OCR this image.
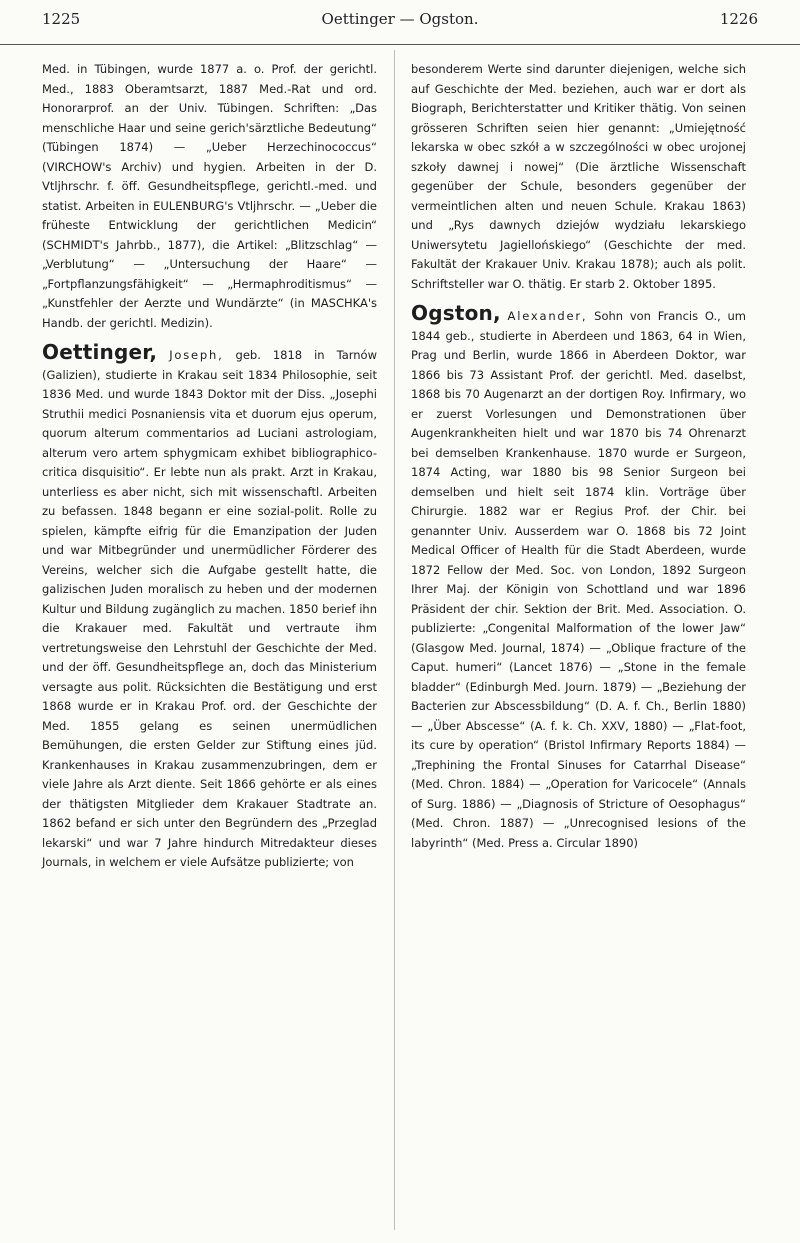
1225	Oettinger — Ogston.	1226

Med. in Tübingen, wurde 1877 a. o. Prof. der gerichtl. Med., 1883 Oberamtsarzt, 1887 Med.-Rat und ord. Honorarprof. an der Univ. Tübingen. Schriften: „Das menschliche Haar und seine gerich'särztliche Bedeutung“ (Tübingen 1874) — „Ueber Herzechinococcus“ (VIRCHOW's Archiv) und hygien. Arbeiten in der D. Vtljhrschr. f. öff. Gesundheitspflege, gerichtl.-med. und statist. Arbeiten in EULENBURG's Vtljhrschr. — „Ueber die früheste Entwicklung der gerichtlichen Medicin“ (SCHMIDT's Jahrbb., 1877), die Artikel: „Blitzschlag“ — „Verblutung“ — „Untersuchung der Haare“ — „Fortpflanzungsfähigkeit“ — „Hermaphroditismus“ — „Kunstfehler der Aerzte und Wundärzte“ (in MASCHKA's Handb. der gerichtl. Medizin).

Oettinger, Joseph, geb. 1818 in Tarnów (Galizien), studierte in Krakau seit 1834 Philosophie, seit 1836 Med. und wurde 1843 Doktor mit der Diss. „Josephi Struthii medici Posnaniensis vita et duorum ejus operum, quorum alterum commentarios ad Luciani astrologiam, alterum vero artem sphygmicam exhibet bibliographico-critica disquisitio“. Er lebte nun als prakt. Arzt in Krakau, unterliess es aber nicht, sich mit wissenschaftl. Arbeiten zu befassen. 1848 begann er eine sozial-polit. Rolle zu spielen, kämpfte eifrig für die Emanzipation der Juden und war Mitbegründer und unermüdlicher Förderer des Vereins, welcher sich die Aufgabe gestellt hatte, die galizischen Juden moralisch zu heben und der modernen Kultur und Bildung zugänglich zu machen. 1850 berief ihn die Krakauer med. Fakultät und vertraute ihm vertretungsweise den Lehrstuhl der Geschichte der Med. und der öff. Gesundheitspflege an, doch das Ministerium versagte aus polit. Rücksichten die Bestätigung und erst 1868 wurde er in Krakau Prof. ord. der Geschichte der Med. 1855 gelang es seinen unermüdlichen Bemühungen, die ersten Gelder zur Stiftung eines jüd. Krankenhauses in Krakau zusammenzubringen, dem er viele Jahre als Arzt diente. Seit 1866 gehörte er als eines der thätigsten Mitglieder dem Krakauer Stadtrate an. 1862 befand er sich unter den Begründern des „Przeglad lekarski“ und war 7 Jahre hindurch Mitredakteur dieses Journals, in welchem er viele Aufsätze publizierte; von

besonderem Werte sind darunter diejenigen, welche sich auf Geschichte der Med. beziehen, auch war er dort als Biograph, Berichterstatter und Kritiker thätig. Von seinen grösseren Schriften seien hier genannt: „Umiejętność lekarska w obec szkół a w szczególności w obec urojonej szkoły dawnej i nowej“ (Die ärztliche Wissenschaft gegenüber der Schule, besonders gegenüber der vermeintlichen alten und neuen Schule. Krakau 1863) und „Rys dawnych dziejów wydziału lekarskiego Uniwersytetu Jagiellońskiego“ (Geschichte der med. Fakultät der Krakauer Univ. Krakau 1878); auch als polit. Schriftsteller war O. thätig. Er starb 2. Oktober 1895.

Ogston, Alexander, Sohn von Francis O., um 1844 geb., studierte in Aberdeen und 1863, 64 in Wien, Prag und Berlin, wurde 1866 in Aberdeen Doktor, war 1866 bis 73 Assistant Prof. der gerichtl. Med. daselbst, 1868 bis 70 Augenarzt an der dortigen Roy. Infirmary, wo er zuerst Vorlesungen und Demonstrationen über Augenkrankheiten hielt und war 1870 bis 74 Ohrenarzt bei demselben Krankenhause. 1870 wurde er Surgeon, 1874 Acting, war 1880 bis 98 Senior Surgeon bei demselben und hielt seit 1874 klin. Vorträge über Chirurgie. 1882 war er Regius Prof. der Chir. bei genannter Univ. Ausserdem war O. 1868 bis 72 Joint Medical Officer of Health für die Stadt Aberdeen, wurde 1872 Fellow der Med. Soc. von London, 1892 Surgeon Ihrer Maj. der Königin von Schottland und war 1896 Präsident der chir. Sektion der Brit. Med. Association. O. publizierte: „Congenital Malformation of the lower Jaw“ (Glasgow Med. Journal, 1874) — „Oblique fracture of the Caput. humeri“ (Lancet 1876) — „Stone in the female bladder“ (Edinburgh Med. Journ. 1879) — „Beziehung der Bacterien zur Abscessbildung“ (D. A. f. Ch., Berlin 1880) — „Über Abscesse“ (A. f. k. Ch. XXV, 1880) — „Flat-foot, its cure by operation“ (Bristol Infirmary Reports 1884) — „Trephining the Frontal Sinuses for Catarrhal Disease“ (Med. Chron. 1884) — „Operation for Varicocele“ (Annals of Surg. 1886) — „Diagnosis of Stricture of Oesophagus“ (Med. Chron. 1887) — „Unrecognised lesions of the labyrinth“ (Med. Press a. Circular 1890)
